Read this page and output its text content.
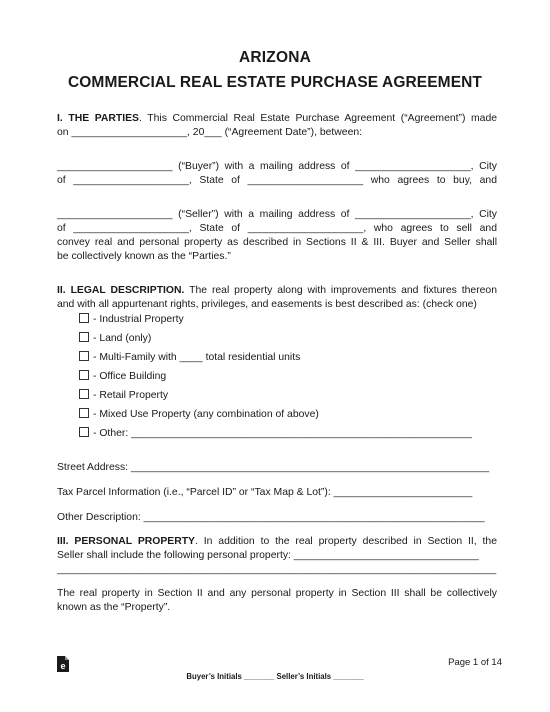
ARIZONA
COMMERCIAL REAL ESTATE PURCHASE AGREEMENT
I. THE PARTIES. This Commercial Real Estate Purchase Agreement (“Agreement”) made
on ____________________, 20___ (“Agreement Date”), between:
____________________ (“Buyer”) with a mailing address of ____________________, City
of ____________________, State of ____________________ who agrees to buy, and
____________________ (“Seller”) with a mailing address of ____________________, City
of ____________________, State of ____________________, who agrees to sell and
convey real and personal property as described in Sections II & III. Buyer and Seller shall
be collectively known as the “Parties.”
II. LEGAL DESCRIPTION. The real property along with improvements and fixtures thereon
and with all appurtenant rights, privileges, and easements is best described as: (check one)
- Industrial Property
- Land (only)
- Multi-Family with ____ total residential units
- Office Building
- Retail Property
- Mixed Use Property (any combination of above)
- Other: ___________________________________________________________
Street Address: ______________________________________________________________
Tax Parcel Information (i.e., “Parcel ID” or “Tax Map & Lot”): ________________________
Other Description: ___________________________________________________________
III. PERSONAL PROPERTY. In addition to the real property described in Section II, the
Seller shall include the following personal property: ________________________________
____________________________________________________________________________
The real property in Section II and any personal property in Section III shall be collectively
known as the “Property”.
e	Page 1 of 14
Buyer’s Initials _______ Seller’s Initials _______
